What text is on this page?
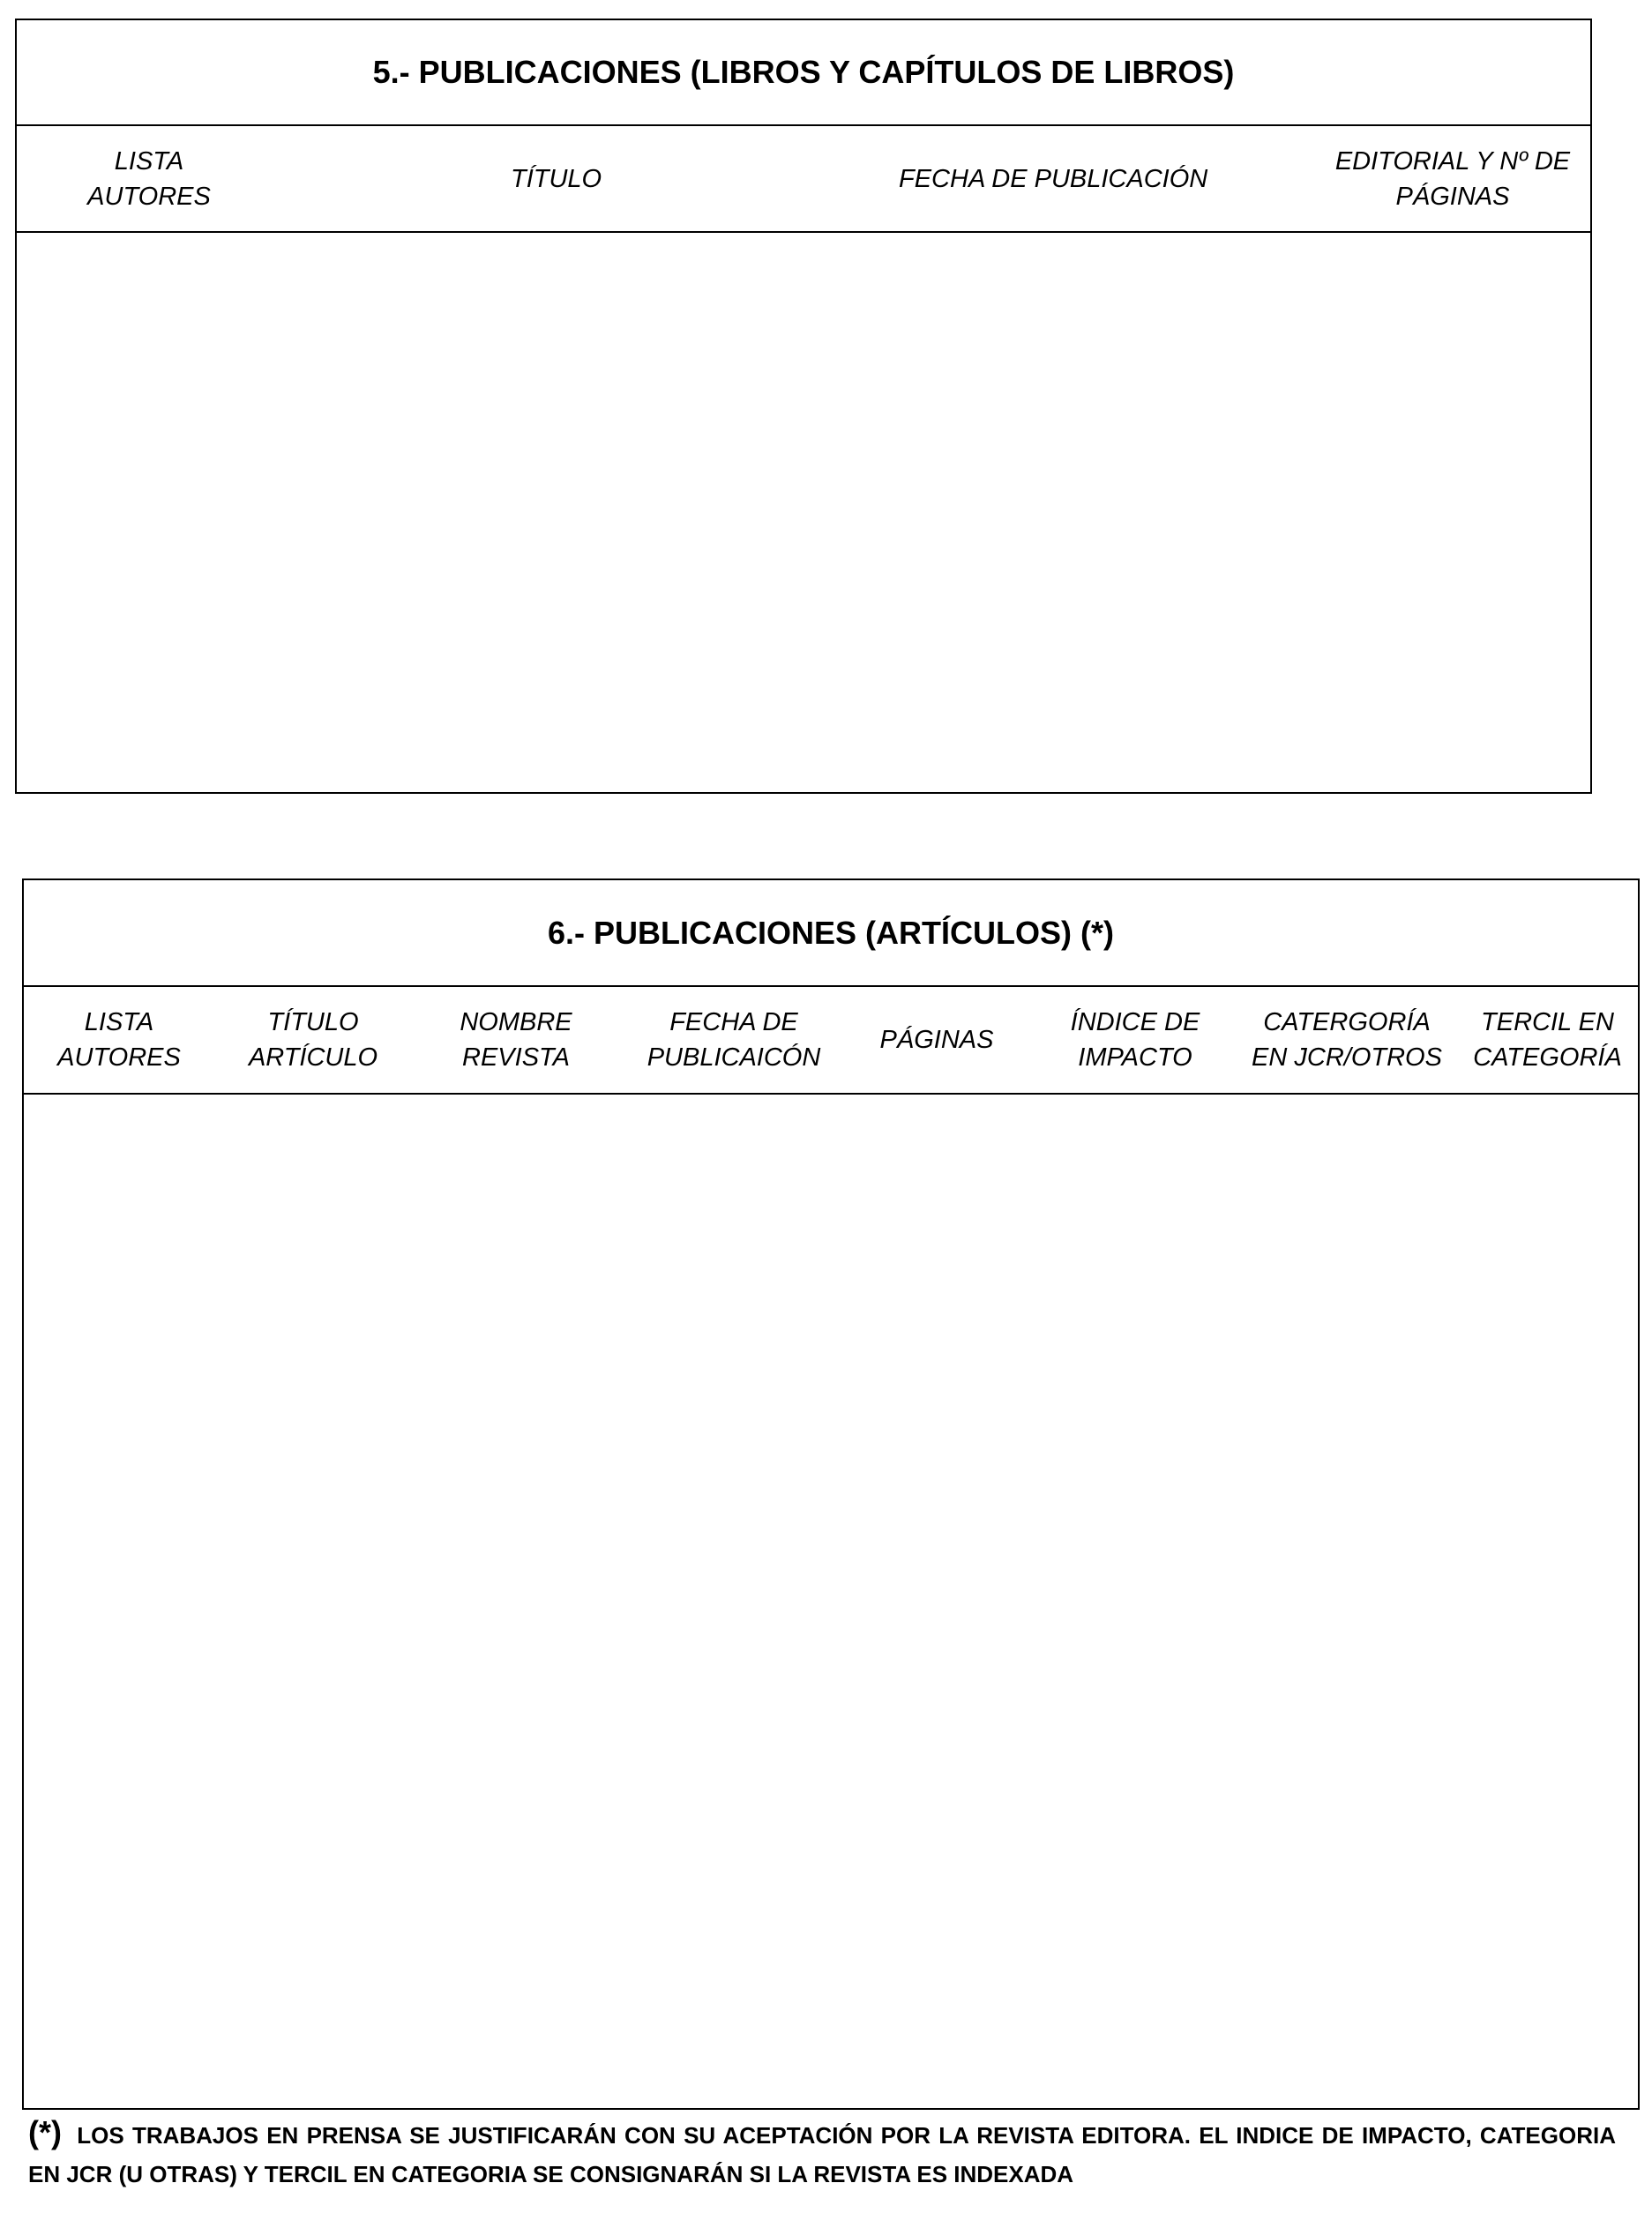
5.- PUBLICACIONES (LIBROS Y CAPÍTULOS DE LIBROS)
LISTA AUTORES
TÍTULO	FECHA DE PUBLICACIÓN
EDITORIAL Y Nº DE PÁGINAS
6.- PUBLICACIONES (ARTÍCULOS) (*)
LISTA
AUTORES
TÍTULO
ARTÍCULO
NOMBRE
REVISTA
FECHA DE
PUBLICAICÓN
PÁGINAS
ÍNDICE DE
IMPACTO
CATERGORÍA
EN JCR/OTROS
TERCIL EN
CATEGORÍA
(*) LOS TRABAJOS EN PRENSA SE JUSTIFICARÁN CON SU ACEPTACIÓN POR LA REVISTA EDITORA. EL INDICE DE IMPACTO, CATEGORIA EN JCR (U OTRAS) Y TERCIL EN CATEGORIA SE CONSIGNARÁN SI LA REVISTA ES INDEXADA
